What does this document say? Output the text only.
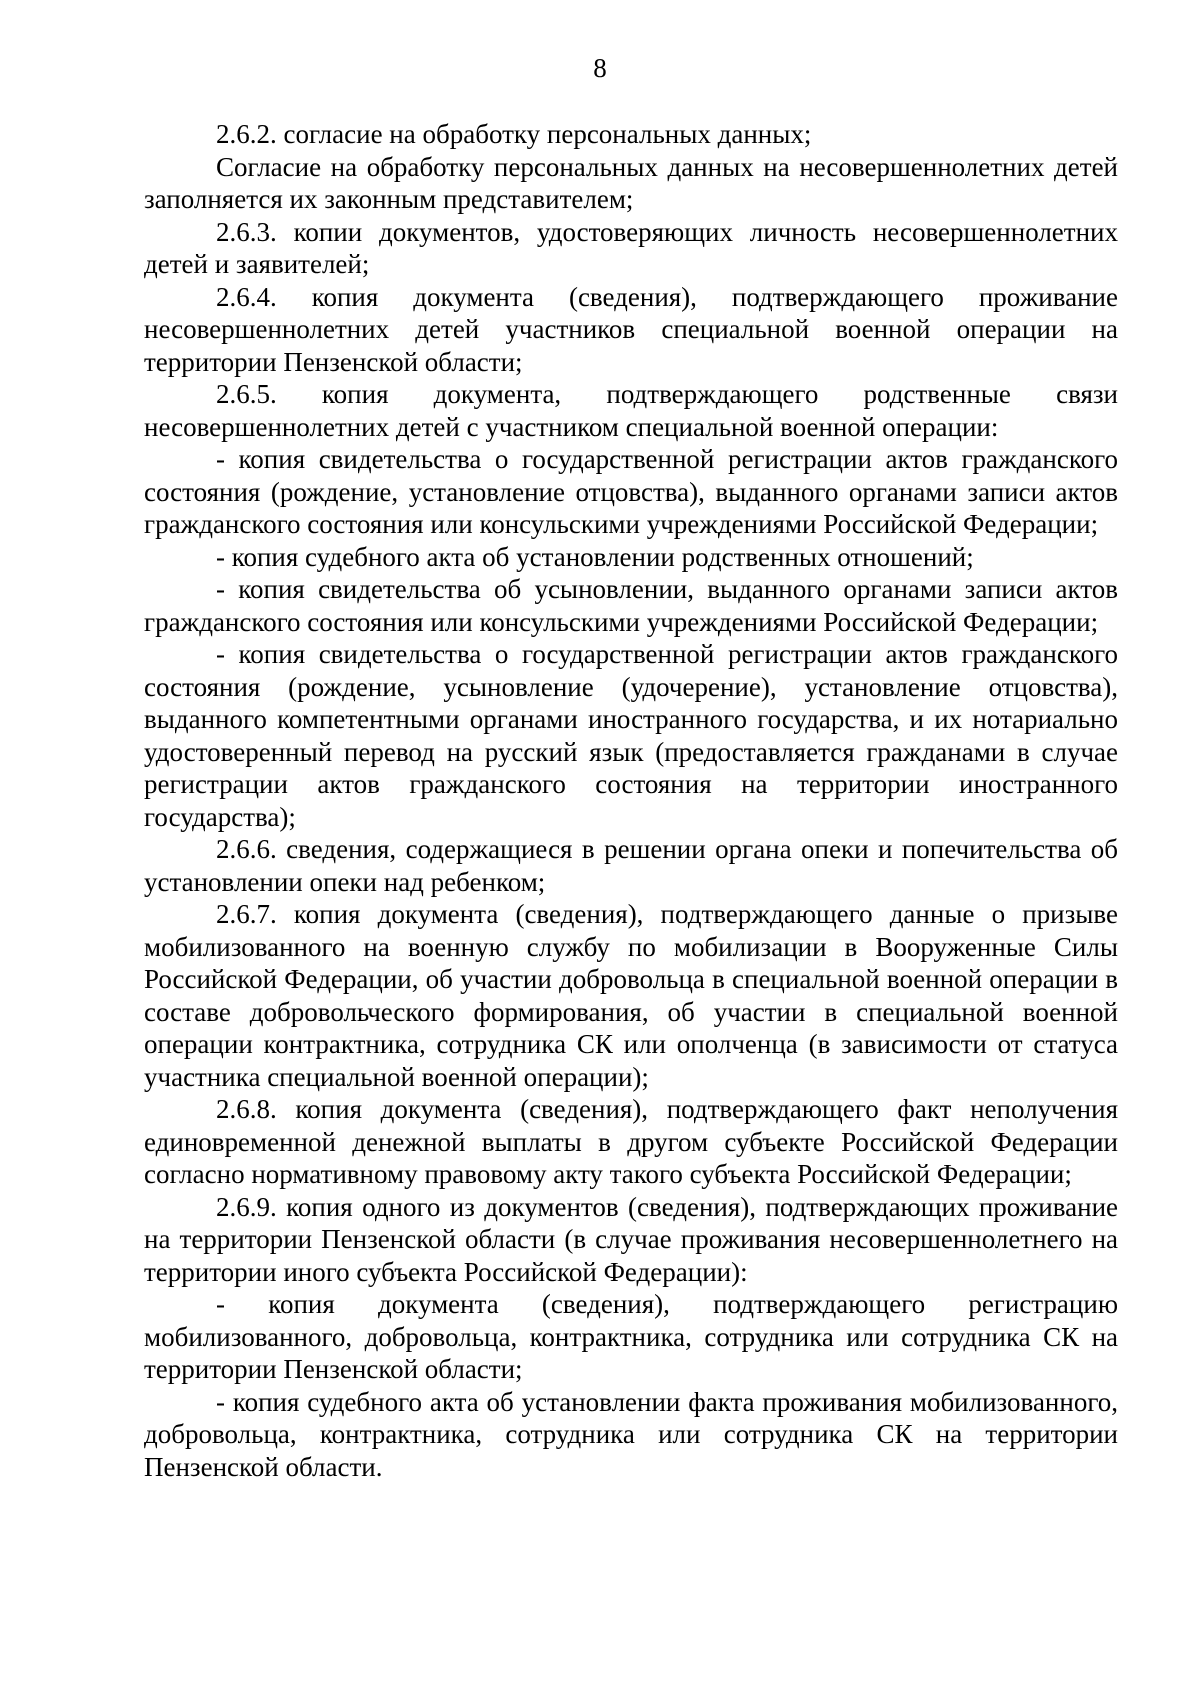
8

2.6.2. согласие на обработку персональных данных;

Согласие на обработку персональных данных на несовершеннолетних детей заполняется их законным представителем;

2.6.3. копии документов, удостоверяющих личность несовершеннолетних детей и заявителей;

2.6.4. копия документа (сведения), подтверждающего проживание несовершеннолетних детей участников специальной военной операции на территории Пензенской области;

2.6.5. копия документа, подтверждающего родственные связи несовершеннолетних детей с участником специальной военной операции:

- копия свидетельства о государственной регистрации актов гражданского состояния (рождение, установление отцовства), выданного органами записи актов гражданского состояния или консульскими учреждениями Российской Федерации;

- копия судебного акта об установлении родственных отношений;

- копия свидетельства об усыновлении, выданного органами записи актов гражданского состояния или консульскими учреждениями Российской Федерации;

- копия свидетельства о государственной регистрации актов гражданского состояния (рождение, усыновление (удочерение), установление отцовства), выданного компетентными органами иностранного государства, и их нотариально удостоверенный перевод на русский язык (предоставляется гражданами в случае регистрации актов гражданского состояния на территории иностранного государства);

2.6.6. сведения, содержащиеся в решении органа опеки и попечительства об установлении опеки над ребенком;

2.6.7. копия документа (сведения), подтверждающего данные о призыве мобилизованного на военную службу по мобилизации в Вооруженные Силы Российской Федерации, об участии добровольца в специальной военной операции в составе добровольческого формирования, об участии в специальной военной операции контрактника, сотрудника СК или ополченца (в зависимости от статуса участника специальной военной операции);

2.6.8. копия документа (сведения), подтверждающего факт неполучения единовременной денежной выплаты в другом субъекте Российской Федерации согласно нормативному правовому акту такого субъекта Российской Федерации;

2.6.9. копия одного из документов (сведения), подтверждающих проживание на территории Пензенской области (в случае проживания несовершеннолетнего на территории иного субъекта Российской Федерации):

- копия документа (сведения), подтверждающего регистрацию мобилизованного, добровольца, контрактника, сотрудника или сотрудника СК на территории Пензенской области;

- копия судебного акта об установлении факта проживания мобилизованного, добровольца, контрактника, сотрудника или сотрудника СК на территории Пензенской области.
